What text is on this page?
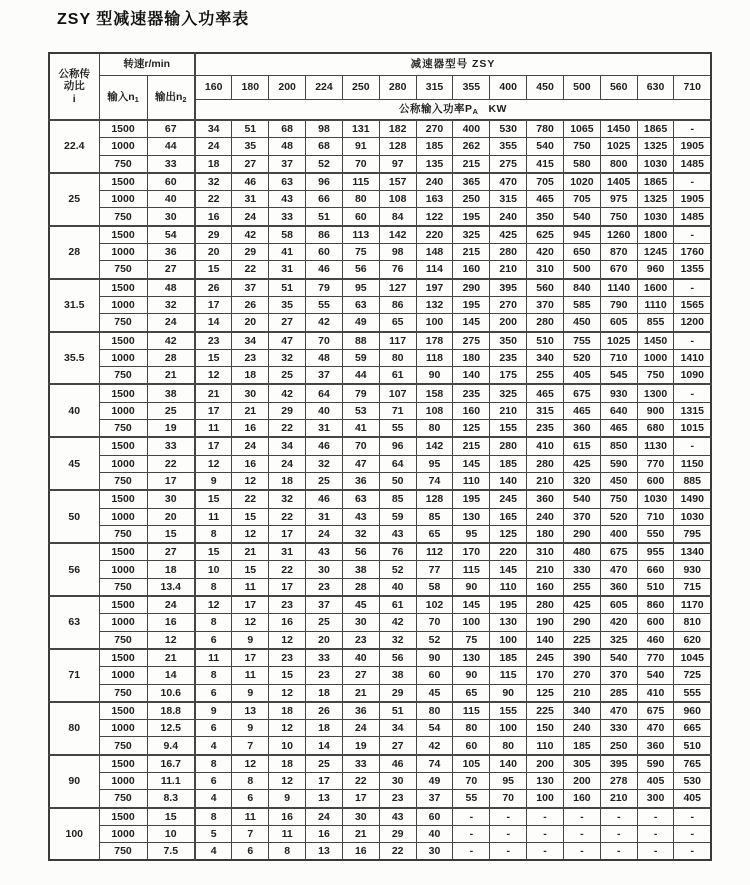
ZSY 型减速器输入功率表
公称传
动比
i	转速r/min		减速器型号 ZSY													
	输入$n_1$	输出$n_2$	160	180	200	224	250	280	315	355	400	450	500	560	630	710
			公称输入功率$P_A$ KW													
22.4	1500	67	34	51	68	98	131	182	270	400	530	780	1065	1450	1865	-
	1000	44	24	35	48	68	91	128	185	262	355	540	750	1025	1325	1905
	750	33	18	27	37	52	70	97	135	215	275	415	580	800	1030	1485
25	1500	60	32	46	63	96	115	157	240	365	470	705	1020	1405	1865	-
	1000	40	22	31	43	66	80	108	163	250	315	465	705	975	1325	1905
	750	30	16	24	33	51	60	84	122	195	240	350	540	750	1030	1485
28	1500	54	29	42	58	86	113	142	220	325	425	625	945	1260	1800	-
	1000	36	20	29	41	60	75	98	148	215	280	420	650	870	1245	1760
	750	27	15	22	31	46	56	76	114	160	210	310	500	670	960	1355
31.5	1500	48	26	37	51	79	95	127	197	290	395	560	840	1140	1600	-
	1000	32	17	26	35	55	63	86	132	195	270	370	585	790	1110	1565
	750	24	14	20	27	42	49	65	100	145	200	280	450	605	855	1200
35.5	1500	42	23	34	47	70	88	117	178	275	350	510	755	1025	1450	-
	1000	28	15	23	32	48	59	80	118	180	235	340	520	710	1000	1410
	750	21	12	18	25	37	44	61	90	140	175	255	405	545	750	1090
40	1500	38	21	30	42	64	79	107	158	235	325	465	675	930	1300	-
	1000	25	17	21	29	40	53	71	108	160	210	315	465	640	900	1315
	750	19	11	16	22	31	41	55	80	125	155	235	360	465	680	1015
45	1500	33	17	24	34	46	70	96	142	215	280	410	615	850	1130	-
	1000	22	12	16	24	32	47	64	95	145	185	280	425	590	770	1150
	750	17	9	12	18	25	36	50	74	110	140	210	320	450	600	885
50	1500	30	15	22	32	46	63	85	128	195	245	360	540	750	1030	1490
	1000	20	11	15	22	31	43	59	85	130	165	240	370	520	710	1030
	750	15	8	12	17	24	32	43	65	95	125	180	290	400	550	795
56	1500	27	15	21	31	43	56	76	112	170	220	310	480	675	955	1340
	1000	18	10	15	22	30	38	52	77	115	145	210	330	470	660	930
	750	13.4	8	11	17	23	28	40	58	90	110	160	255	360	510	715
63	1500	24	12	17	23	37	45	61	102	145	195	280	425	605	860	1170
	1000	16	8	12	16	25	30	42	70	100	130	190	290	420	600	810
	750	12	6	9	12	20	23	32	52	75	100	140	225	325	460	620
71	1500	21	11	17	23	33	40	56	90	130	185	245	390	540	770	1045
	1000	14	8	11	15	23	27	38	60	90	115	170	270	370	540	725
	750	10.6	6	9	12	18	21	29	45	65	90	125	210	285	410	555
80	1500	18.8	9	13	18	26	36	51	80	115	155	225	340	470	675	960
	1000	12.5	6	9	12	18	24	34	54	80	100	150	240	330	470	665
	750	9.4	4	7	10	14	19	27	42	60	80	110	185	250	360	510
90	1500	16.7	8	12	18	25	33	46	74	105	140	200	305	395	590	765
	1000	11.1	6	8	12	17	22	30	49	70	95	130	200	278	405	530
	750	8.3	4	6	9	13	17	23	37	55	70	100	160	210	300	405
100	1500	15	8	11	16	24	30	43	60	-	-	-	-	-	-	-
	1000	10	5	7	11	16	21	29	40	-	-	-	-	-	-	-
	750	7.5	4	6	8	13	16	22	30	-	-	-	-	-	-	-
